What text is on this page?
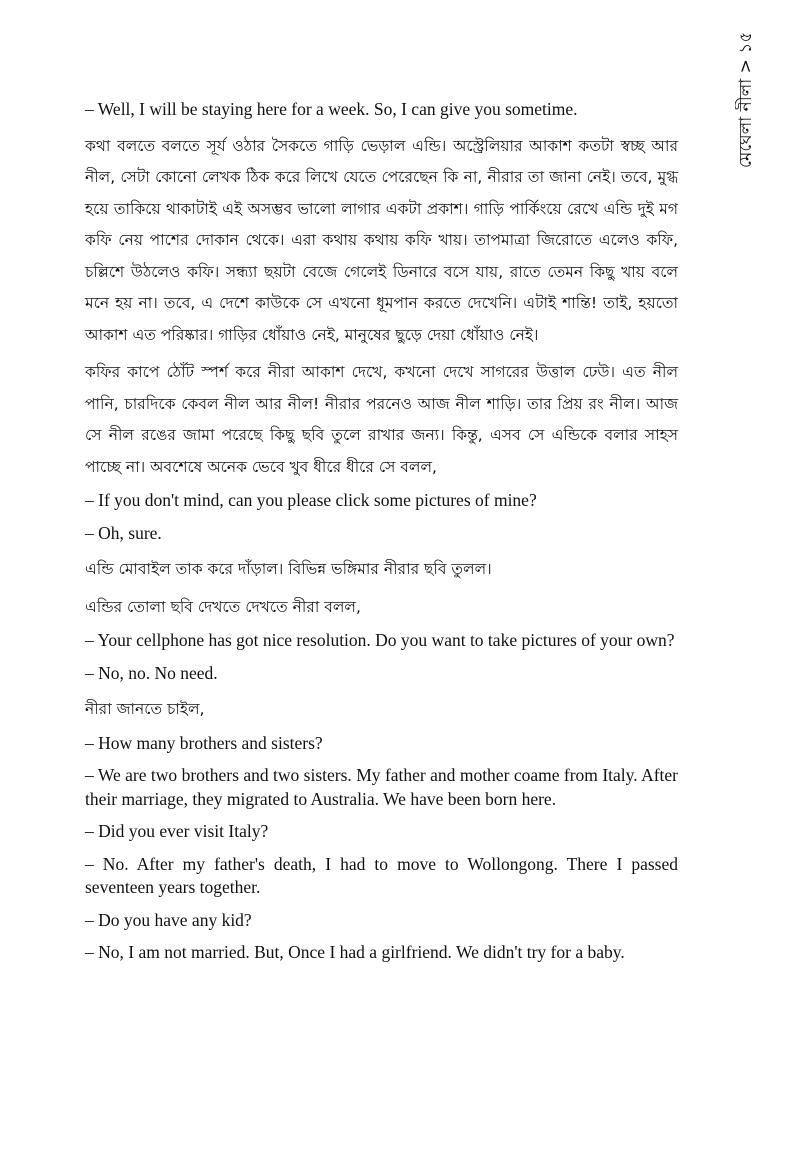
মেঘেলা নীলা > ১৫

– Well, I will be staying here for a week. So, I can give you sometime.

কথা বলতে বলতে সূর্য ওঠার সৈকতে গাড়ি ভেড়াল এন্ডি। অস্ট্রেলিয়ার আকাশ কতটা স্বচ্ছ আর নীল, সেটা কোনো লেখক ঠিক করে লিখে যেতে পেরেছেন কি না, নীরার তা জানা নেই। তবে, মুগ্ধ হয়ে তাকিয়ে থাকাটাই এই অসম্ভব ভালো লাগার একটা প্রকাশ। গাড়ি পার্কিংয়ে রেখে এন্ডি দুই মগ কফি নেয় পাশের দোকান থেকে। এরা কথায় কথায় কফি খায়। তাপমাত্রা জিরোতে এলেও কফি, চল্লিশে উঠলেও কফি। সন্ধ্যা ছয়টা বেজে গেলেই ডিনারে বসে যায়, রাতে তেমন কিছু খায় বলে মনে হয় না। তবে, এ দেশে কাউকে সে এখনো ধূমপান করতে দেখেনি। এটাই শান্তি! তাই, হয়তো আকাশ এত পরিষ্কার। গাড়ির ধোঁয়াও নেই, মানুষের ছুড়ে দেয়া ধোঁয়াও নেই।

কফির কাপে ঠোঁট স্পর্শ করে নীরা আকাশ দেখে, কখনো দেখে সাগরের উত্তাল ঢেউ। এত নীল পানি, চারদিকে কেবল নীল আর নীল! নীরার পরনেও আজ নীল শাড়ি। তার প্রিয় রং নীল। আজ সে নীল রঙের জামা পরেছে কিছু ছবি তুলে রাখার জন্য। কিন্তু, এসব সে এন্ডিকে বলার সাহস পাচ্ছে না। অবশেষে অনেক ভেবে খুব ধীরে ধীরে সে বলল,

– If you don't mind, can you please click some pictures of mine?

– Oh, sure.

এন্ডি মোবাইল তাক করে দাঁড়াল। বিভিন্ন ভঙ্গিমার নীরার ছবি তুলল।

এন্ডির তোলা ছবি দেখতে দেখতে নীরা বলল,

– Your cellphone has got nice resolution. Do you want to take pictures of your own?

– No, no. No need.

নীরা জানতে চাইল,

– How many brothers and sisters?

– We are two brothers and two sisters. My father and mother coame from Italy. After their marriage, they migrated to Australia. We have been born here.

– Did you ever visit Italy?

– No. After my father's death, I had to move to Wollongong. There I passed seventeen years together.

– Do you have any kid?

– No, I am not married. But, Once I had a girlfriend. We didn't try for a baby.
